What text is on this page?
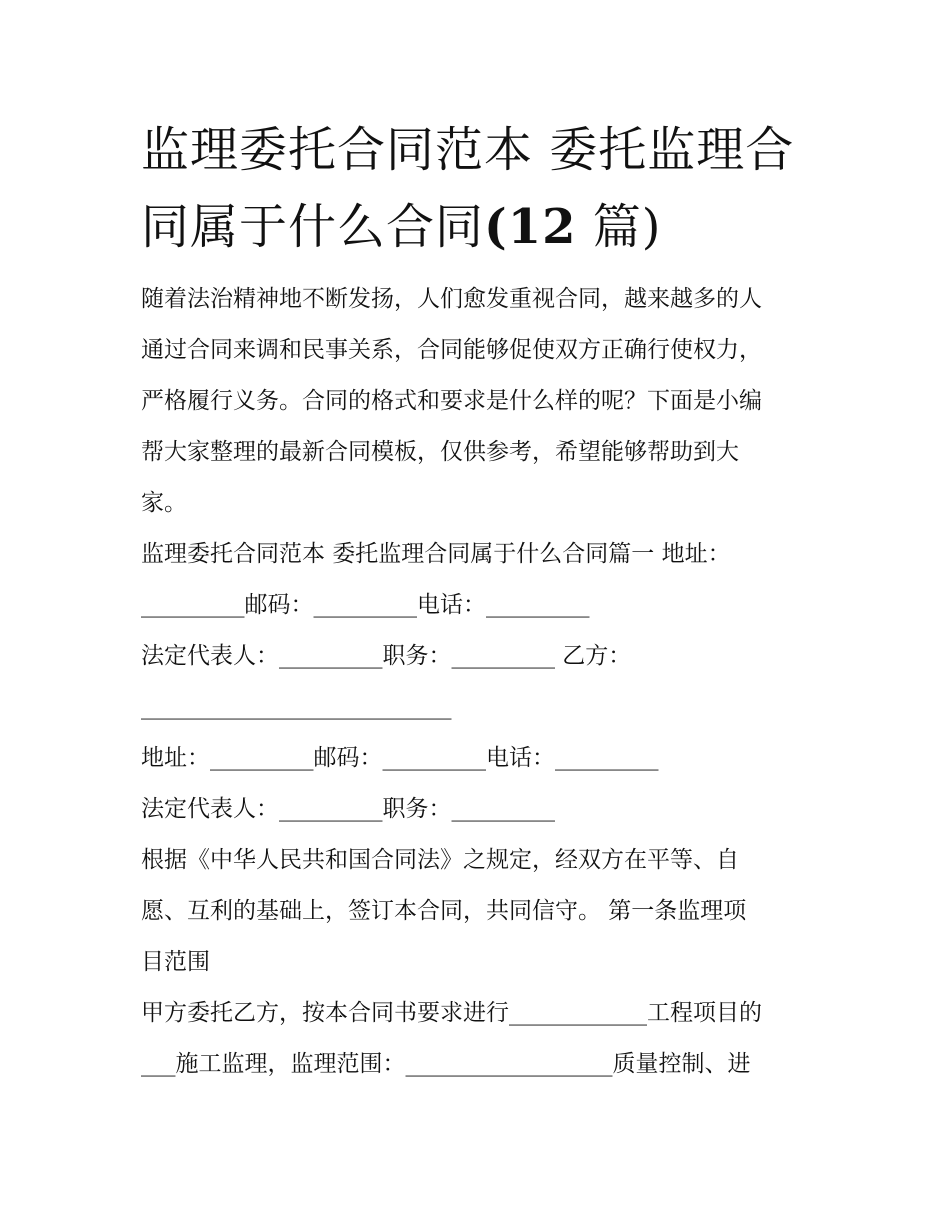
监理委托合同范本 委托监理合
同属于什么合同(12 篇)

随着法治精神地不断发扬，人们愈发重视合同，越来越多的人
通过合同来调和民事关系，合同能够促使双方正确行使权力，
严格履行义务。合同的格式和要求是什么样的呢？下面是小编
帮大家整理的最新合同模板，仅供参考，希望能够帮助到大
家。

监理委托合同范本 委托监理合同属于什么合同篇一 地址：
_________邮码：_________电话：_________
法定代表人：_________职务：_________ 乙方：
___________________________
地址：_________邮码：_________电话：_________
法定代表人：_________职务：_________
根据《中华人民共和国合同法》之规定，经双方在平等、自
愿、互利的基础上，签订本合同，共同信守。 第一条监理项
目范围
甲方委托乙方，按本合同书要求进行____________工程项目的
___施工监理，监理范围：__________________质量控制、进
